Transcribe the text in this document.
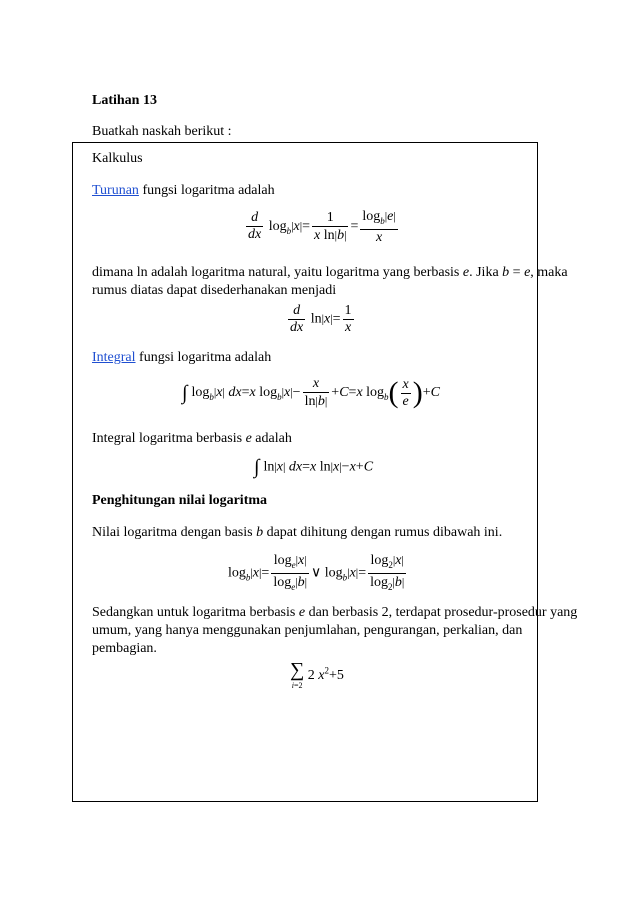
Latihan 13
Buatkah naskah berikut :
Kalkulus
Turunan fungsi logaritma adalah
$\frac{d}{dx} \log_b|x|= \frac{1}{\text{x ln|b|}} = \frac{\log_b|e|}{x}$
dimana ln adalah logaritma natural, yaitu logaritma yang berbasis e. Jika b = e, maka
rumus diatas dapat disederhanakan menjadi
$\frac{d}{dx} \ln|x|= \frac{1}{x}$
Integral fungsi logaritma adalah
∫ $\log_b|x|$ dx=x $\log_b|x|- \frac{x}{\ln|b|} +C=x$ $\log_b( \frac{x}{e} )+C$
Integral logaritma berbasis e adalah
∫ ln|x| dx=x ln|x|−x+C
Penghitungan nilai logaritma
Nilai logaritma dengan basis b dapat dihitung dengan rumus dibawah ini.
$\log_b|x|= \frac{\log_e|x|}{\log_e|b|}$ ∨ $\log_b|x|= \frac{\log_2|x|}{\log_2|b|}$
Sedangkan untuk logaritma berbasis e dan berbasis 2, terdapat prosedur-prosedur yang
umum, yang hanya menggunakan penjumlahan, pengurangan, perkalian, dan
pembagian.
∑
i=2
2 $x^2+5$
